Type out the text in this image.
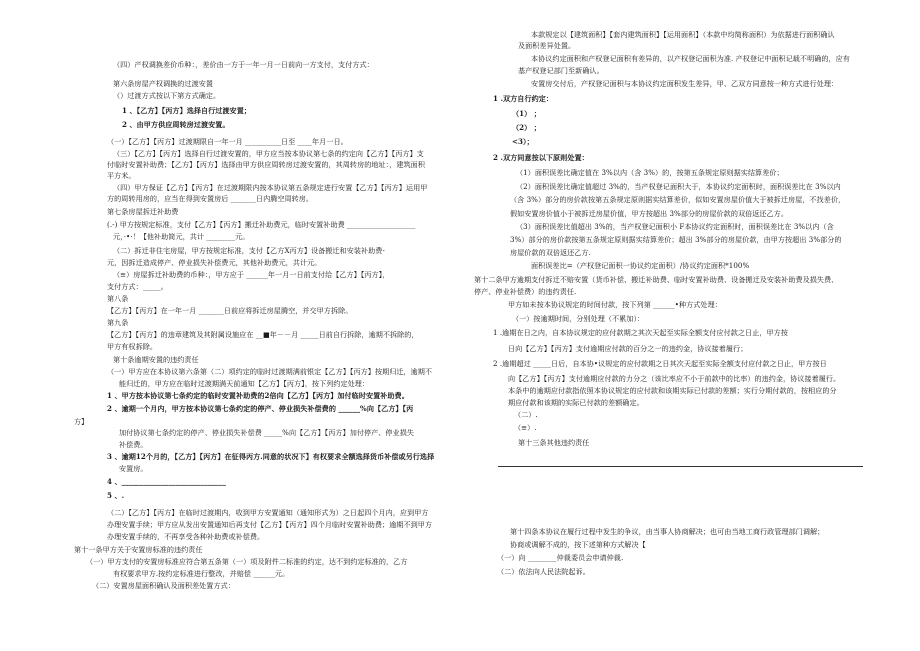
（四）产权调换差价币种：，差价由一方于一年一月一日前向一方支付，支付方式：
第六条房屋产权调换的过渡安置
（）过渡方式按以下第方式确定。
1 、【乙方】【丙方】选择自行过渡安置；
2 、由甲方供应周转房过渡安置。
（一）【乙方】【丙方】过渡期限自一年一月 __________日至 ____年月一日。
（三）【乙方】【丙方】选择自行过渡安置的，甲方应当按本协议第七条的约定向【乙方】【丙方】支
付临时安置补助费；【乙方】【丙方】选择由甲方供应周转房过渡安置的，其周转房的地址：，建筑面积
平方米。
（四）甲方保证【乙方】【丙方】在过渡期限内按本协议第五条规定进行安置【乙方】【丙方】运用甲
方的周转用房的，应当在得到安置房后 _______日内腾空周转房。
第七条房屋拆迁补助费
(.-) 甲方按规定标准，支付【乙方】【丙方】搬迁补助费元，临时安置补助费 ___________________
元，·•·！【他补助简元，共计 ________元。
（二）拆迁非住宅房屋，甲方按规定标准，支付【乙方X丙方】设备搬迁和安装补助费-
元，因拆迁造成停产、停业损失补偿费元，其他补助费元，共计元。
（≡）房屋拆迁补助费的币种：，甲方应于 ______年一月一日前支付给【乙方】【丙方】，
支付方式：_____。
第八条
【乙方】【丙方】在一年一月 _______日前应将拆迁房屋腾空，并交甲方拆除。
第九条
【乙方】【丙方】的违章建筑及其附属设施应在 __■年－－月 _____日前自行拆除，逾期不拆除的，
甲方有权拆除。
第十条逾期安置的违约责任
（一）甲方应在本协议第六条第（二）项约定的临时过渡期满前银定【乙方】【丙方】按期归迁，逾期不
能归迁的，甲方应在临时过渡期满天前通知【乙方】【丙方】，按下列约定处理：
1 、甲方按本协议第七条约定的临时安置补助费的2倍向【乙方】【丙方】加付临时安置补助费。
2 、逾期一个月内，甲方按本协议第七条约定的停产、停业损失补偿费的 ______%向【乙方】【丙
方】
加付协议第七条约定的停产、停业损失补偿费 _____%向【乙方】【丙方】加付停产、停业损失
补偿费。
3 、逾期12个月的，【乙方】【丙方】在征得丙方.同意的状况下】有权要求全额选择货币补偿或另行选择
安置房。
4 、_____________________________
5 、.
（二）【乙方】【丙方】在临时过渡期内，收到甲方安置通知（通知形式为）之日起四个月内，应到甲方
办理安置手续；甲方应从发出安置通知后再支付【乙方】【丙方】四个月临时安置补助费；逾期不到甲方
办理安置手续的，不再享受各种补助费或补偿费。
第十一条甲方关于安置房标准的违约责任
（一）甲方支付的安置房标准应符合第五条第（一）项及附件二标准的约定，达不到约定标准的，乙方
有权要求甲方.按约定标准进行整改，并赔偿 ______元。
（二）安置房屋面积确认及面积差处置方式：
本款规定以【建筑面积】【套内建筑面积】【运用面积】（本款中均简称面积）为依据进行面积确认
及面积差异处置。
本协议约定面积和产权登记面积有差异的，以产权登记面积为准. 产权登记中面积记载不明确的，应有
基产权登记部门至新确认。
安置房交付后，产权登记面积与本协议约定面积发生差异，甲、乙双方同意按一种方式进行处理：
1 .双方自行约定：
（1） ；
（2） ；
<3）；
2 .双方同意按以下原则处置：
（1）面积误差比确定值在 3%以内（含 3%）的，按第五条规定原则据实结算差价；
（2）面积误差比确定值超过 3%的，当产权登记面积大于，本协议约定面积时，面积误差比在 3%以内
（含 3%）部分的房价款按第五条规定原则据实结算差价，似如安置房屋价值大于被拆迁房屋，不找差价，
假如安置房价值小于被拆迁房屋价值，甲方按超出 3%部分的房屋价款的双倍返还乙方。
（3）面积误差比值超出 3%的，当产权登记面积小 F本协议约定面积时，面积误差比在 3%以内（含
3%）部分的房价款按第五条规定原则据实结算差价；超出 3%部分的房屋价款，由甲方按超出 3%部分的
房屋价款的双倍返还乙方.
面积误差比=（产权登记面积一协议约定面积）/协议约定面积*100%
第十二条甲方逾期支付拆迁不赔安置（货币补偿、搬迁补助费、临时安置补助费、设备搬迁及安装补助费及损失费、
停产、停业补偿费）的违约责任.
甲方如未按本协议规定的时间付款，按下列第 ______•种方式处理：
（一）按逾期时间，分别处理（不累加）：
1 .逾期在日之内，自本协议规定的应付款期之其次天起至实际全额支付应付款之日止，甲方按
日向【乙方】【丙方】支付逾期应付款的百分之一的违约金，协议接着履行；
2 .逾期超过 _____日后，自本协•议规定的应付款期之日其次天起至实际全额支付应付款之日止，甲方按日
向【乙方】【丙方】支付逾期应付款的力分之（该比率应不小于前款中的比率）的违约金，协议接着履行。
本条中的逾期应付款指依照本协议规定的应付款和该期实际已付款的差额；实行分期付款的，按相应的分
期应付款和该期的实际已付款的差额确定。
（二）.
（≡）.
第十三条其他违约责任
第十四条本协议在履行过程中发生的争议，由当事人协商解决；也可由当地工商行政管理部门调解；
协商或调解不成的，按下述第种方式解决【
（一）向 ________仲裁委员会申请仲裁.
（二）依法向人民法院起诉。
